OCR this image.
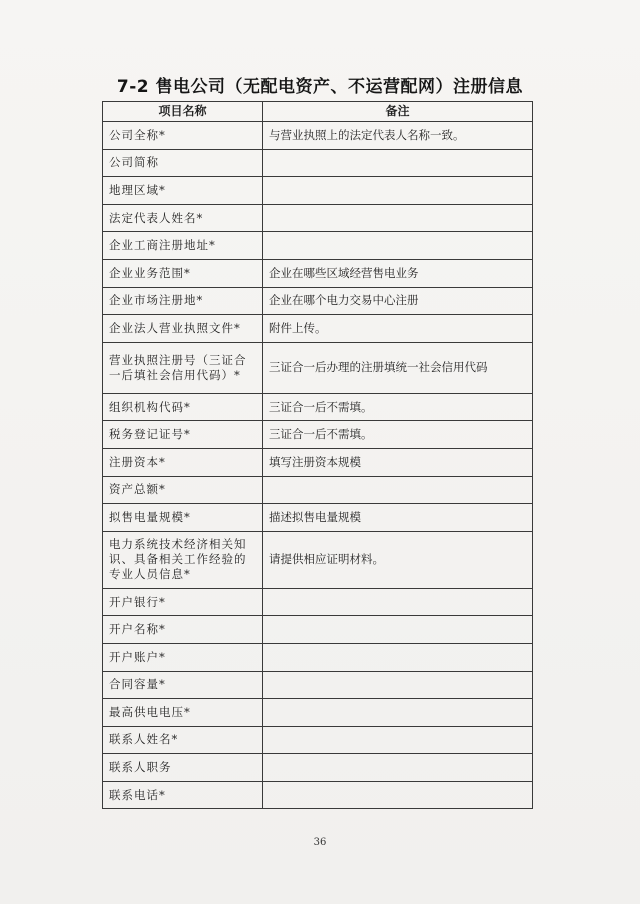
7-2 售电公司（无配电资产、不运营配网）注册信息
项目名称	备注
公司全称*	与营业执照上的法定代表人名称一致。
公司简称	
地理区域*	
法定代表人姓名*	
企业工商注册地址*	
企业业务范围*	企业在哪些区域经营售电业务
企业市场注册地*	企业在哪个电力交易中心注册
企业法人营业执照文件*	附件上传。
营业执照注册号（三证合一后填社会信用代码）*	三证合一后办理的注册填统一社会信用代码
组织机构代码*	三证合一后不需填。
税务登记证号*	三证合一后不需填。
注册资本*	填写注册资本规模
资产总额*	
拟售电量规模*	描述拟售电量规模
电力系统技术经济相关知识、具备相关工作经验的专业人员信息*	请提供相应证明材料。
开户银行*	
开户名称*	
开户账户*	
合同容量*	
最高供电电压*	
联系人姓名*	
联系人职务	
联系电话*	
36
